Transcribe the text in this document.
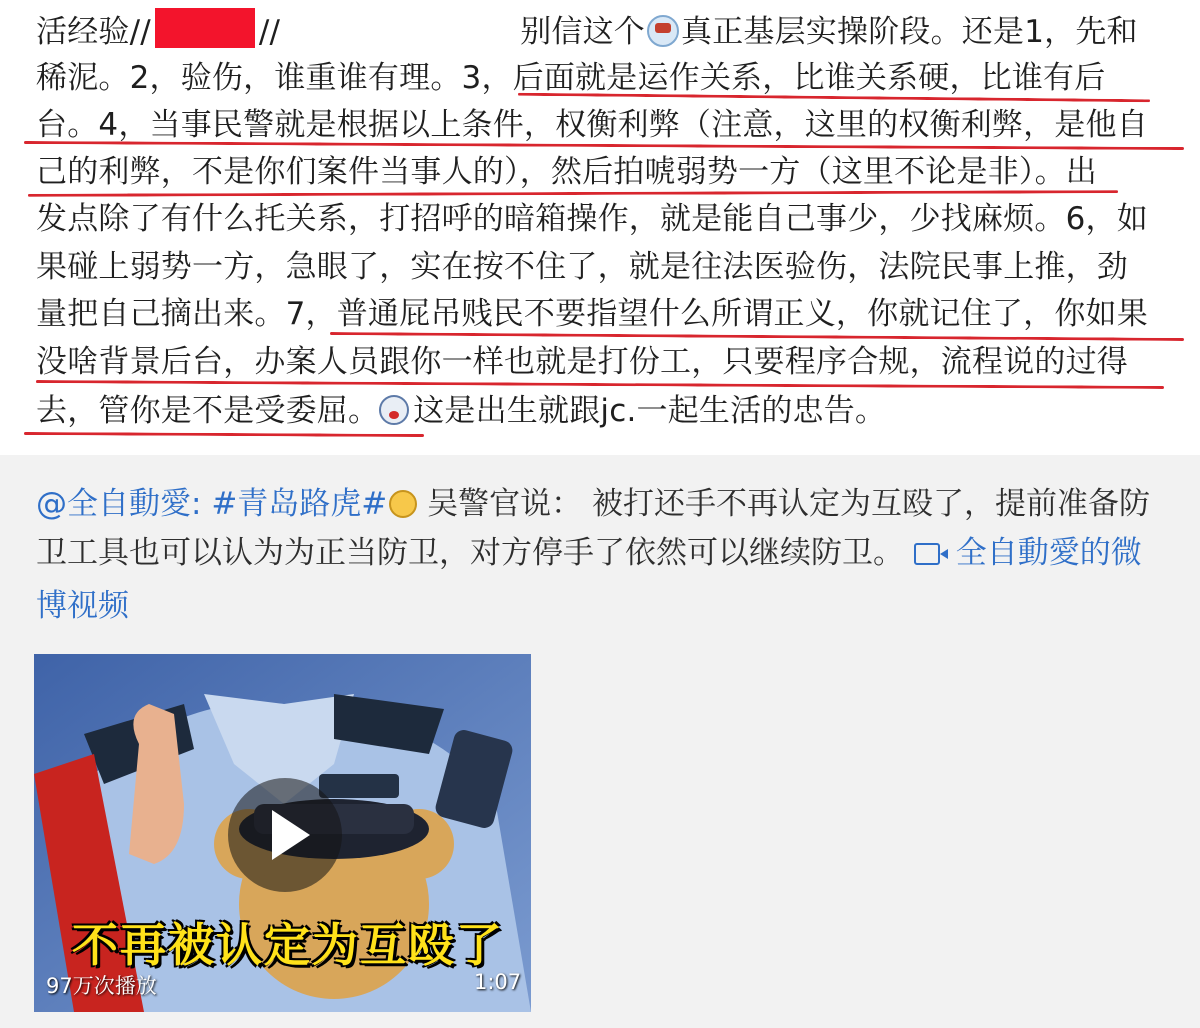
活经验//	//	别信这个 真正基层实操阶段。还是1，先和
稀泥。2，验伤，谁重谁有理。3，后面就是运作关系，比谁关系硬，比谁有后
台。4，当事民警就是根据以上条件，权衡利弊（注意，这里的权衡利弊，是他自
己的利弊，不是你们案件当事人的），然后拍唬弱势一方（这里不论是非）。出
发点除了有什么托关系，打招呼的暗箱操作，就是能自己事少，少找麻烦。6，如
果碰上弱势一方，急眼了，实在按不住了，就是往法医验伤，法院民事上推，劲
量把自己摘出来。7，普通屁吊贱民不要指望什么所谓正义，你就记住了，你如果
没啥背景后台，办案人员跟你一样也就是打份工，只要程序合规，流程说的过得
去，管你是不是受委屈。 这是出生就跟jc.一起生活的忠告。
@全自動愛: #青岛路虎# 吴警官说： 被打还手不再认定为互殴了，提前准备防
卫工具也可以认为为正当防卫，对方停手了依然可以继续防卫。 全自動愛的微
博视频
不再被认定为互殴了
97万次播放	1:07
